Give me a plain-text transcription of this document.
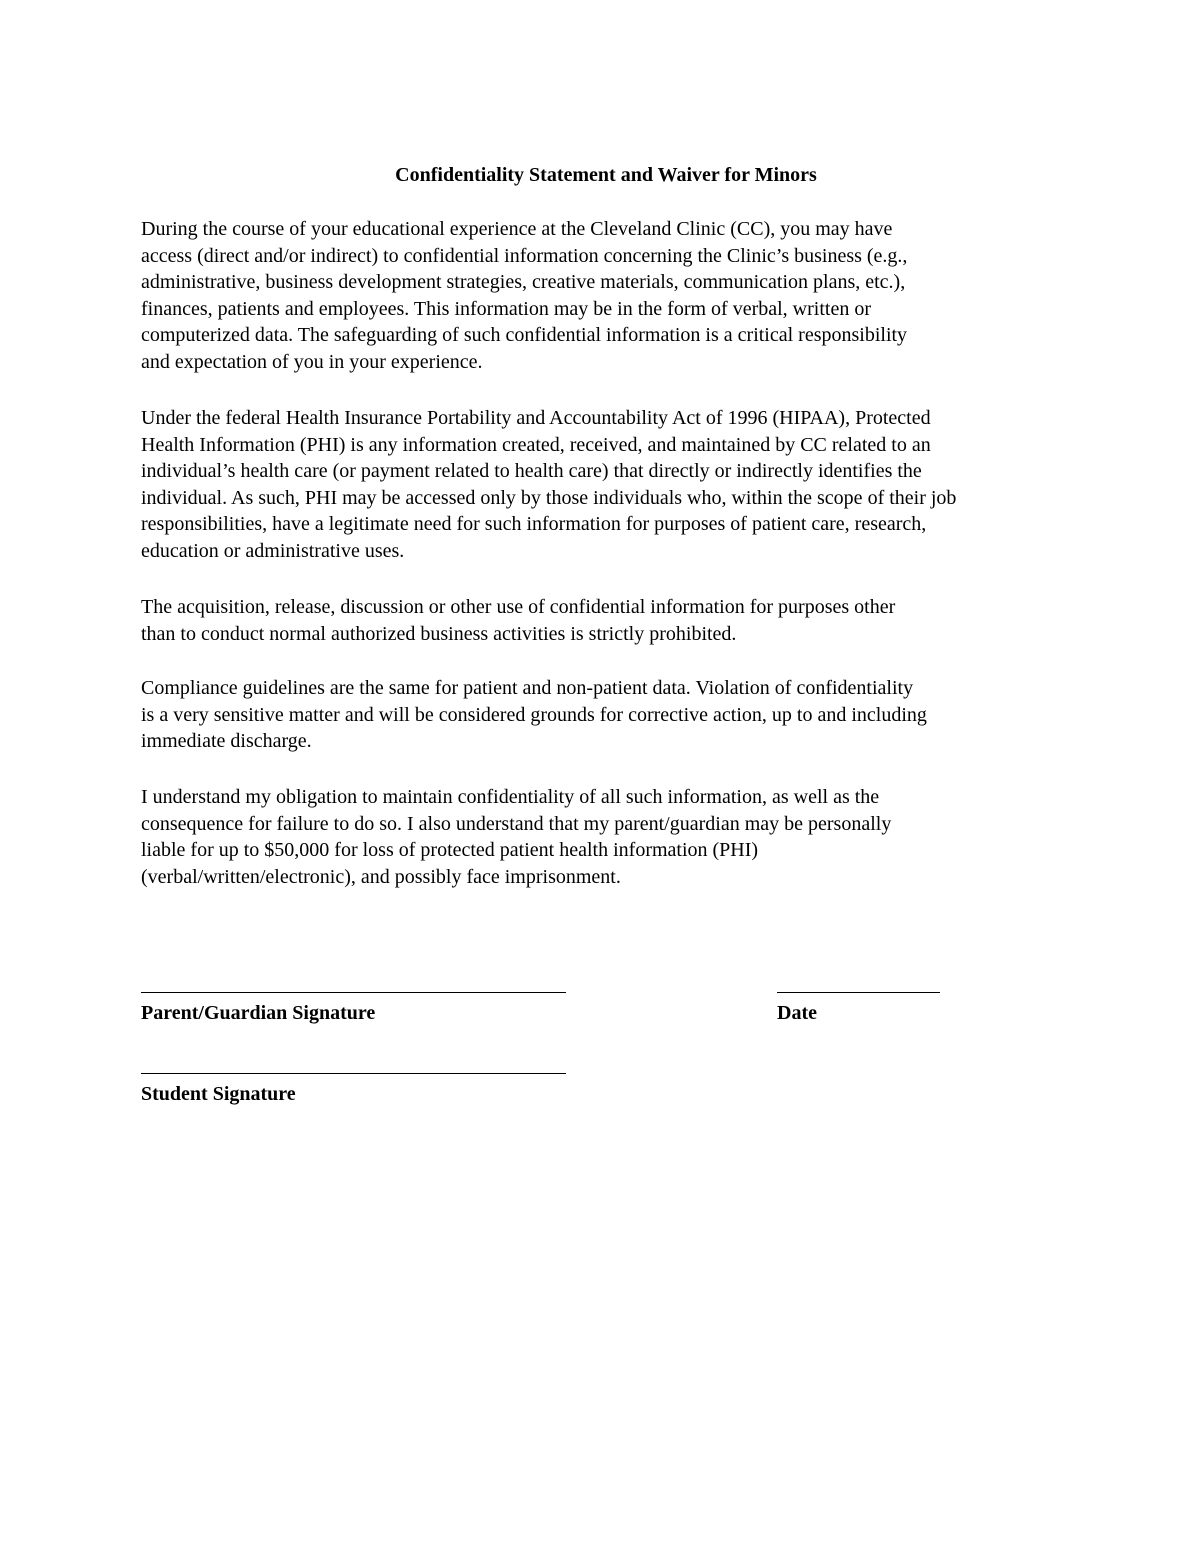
Confidentiality Statement and Waiver for Minors

During the course of your educational experience at the Cleveland Clinic (CC), you may have
access (direct and/or indirect) to confidential information concerning the Clinic’s business (e.g.,
administrative, business development strategies, creative materials, communication plans, etc.),
finances, patients and employees. This information may be in the form of verbal, written or
computerized data. The safeguarding of such confidential information is a critical responsibility
and expectation of you in your experience.

Under the federal Health Insurance Portability and Accountability Act of 1996 (HIPAA), Protected
Health Information (PHI) is any information created, received, and maintained by CC related to an
individual’s health care (or payment related to health care) that directly or indirectly identifies the
individual. As such, PHI may be accessed only by those individuals who, within the scope of their job
responsibilities, have a legitimate need for such information for purposes of patient care, research,
education or administrative uses.

The acquisition, release, discussion or other use of confidential information for purposes other
than to conduct normal authorized business activities is strictly prohibited.

Compliance guidelines are the same for patient and non-patient data. Violation of confidentiality
is a very sensitive matter and will be considered grounds for corrective action, up to and including
immediate discharge.

I understand my obligation to maintain confidentiality of all such information, as well as the
consequence for failure to do so. I also understand that my parent/guardian may be personally
liable for up to $50,000 for loss of protected patient health information (PHI)
(verbal/written/electronic), and possibly face imprisonment.

Parent/Guardian Signature	Date

Student Signature
